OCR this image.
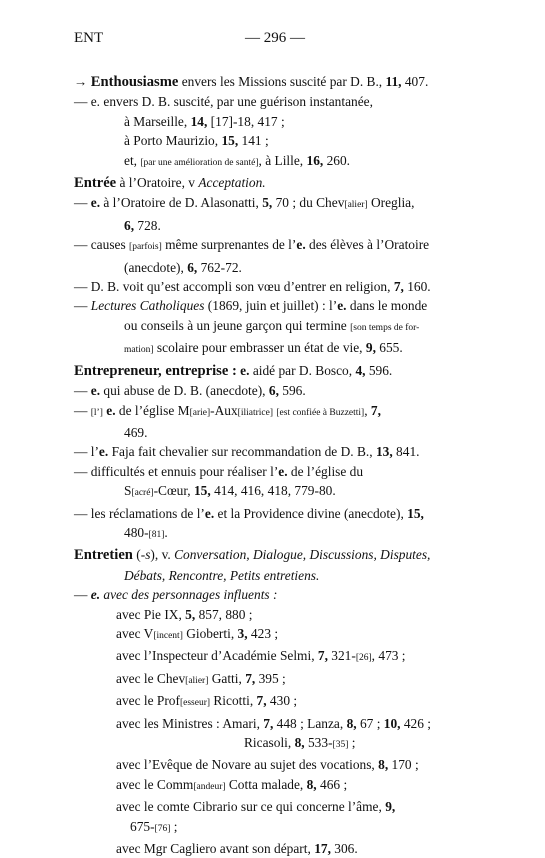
ENT	— 296 —
→ Enthousiasme envers les Missions suscité par D. B., 11, 407.
— e. envers D. B. suscité, par une guérison instantanée,
à Marseille, 14, [17]-18, 417 ;
à Porto Maurizio, 15, 141 ;
et, [par une amélioration de santé], à Lille, 16, 260.
Entrée à l’Oratoire, v Acceptation.
— e. à l’Oratoire de D. Alasonatti, 5, 70 ; du Chev[alier] Oreglia,
6, 728.
— causes [parfois] même surprenantes de l’e. des élèves à l’Oratoire
(anecdote), 6, 762-72.
— D. B. voit qu’est accompli son vœu d’entrer en religion, 7, 160.
— Lectures Catholiques (1869, juin et juillet) : l’e. dans le monde
ou conseils à un jeune garçon qui termine [son temps de for-
mation] scolaire pour embrasser un état de vie, 9, 655.
Entrepreneur, entreprise : e. aidé par D. Bosco, 4, 596.
— e. qui abuse de D. B. (anecdote), 6, 596.
— [l’] e. de l’église M[arie]-Aux[iliatrice] [est confiée à Buzzetti], 7,
469.
— l’e. Faja fait chevalier sur recommandation de D. B., 13, 841.
— difficultés et ennuis pour réaliser l’e. de l’église du
S[acré]-Cœur, 15, 414, 416, 418, 779-80.
— les réclamations de l’e. et la Providence divine (anecdote), 15,
480-[81].
Entretien (-s), v. Conversation, Dialogue, Discussions, Disputes,
Débats, Rencontre, Petits entretiens.
— e. avec des personnages influents :
avec Pie IX, 5, 857, 880 ;
avec V[incent] Gioberti, 3, 423 ;
avec l’Inspecteur d’Académie Selmi, 7, 321-[26], 473 ;
avec le Chev[alier] Gatti, 7, 395 ;
avec le Prof[esseur] Ricotti, 7, 430 ;
avec les Ministres : Amari, 7, 448 ; Lanza, 8, 67 ; 10, 426 ;
Ricasoli, 8, 533-[35] ;
avec l’Evêque de Novare au sujet des vocations, 8, 170 ;
avec le Comm[andeur] Cotta malade, 8, 466 ;
avec le comte Cibrario sur ce qui concerne l’âme, 9,
675-[76] ;
avec Mgr Cagliero avant son départ, 17, 306.
